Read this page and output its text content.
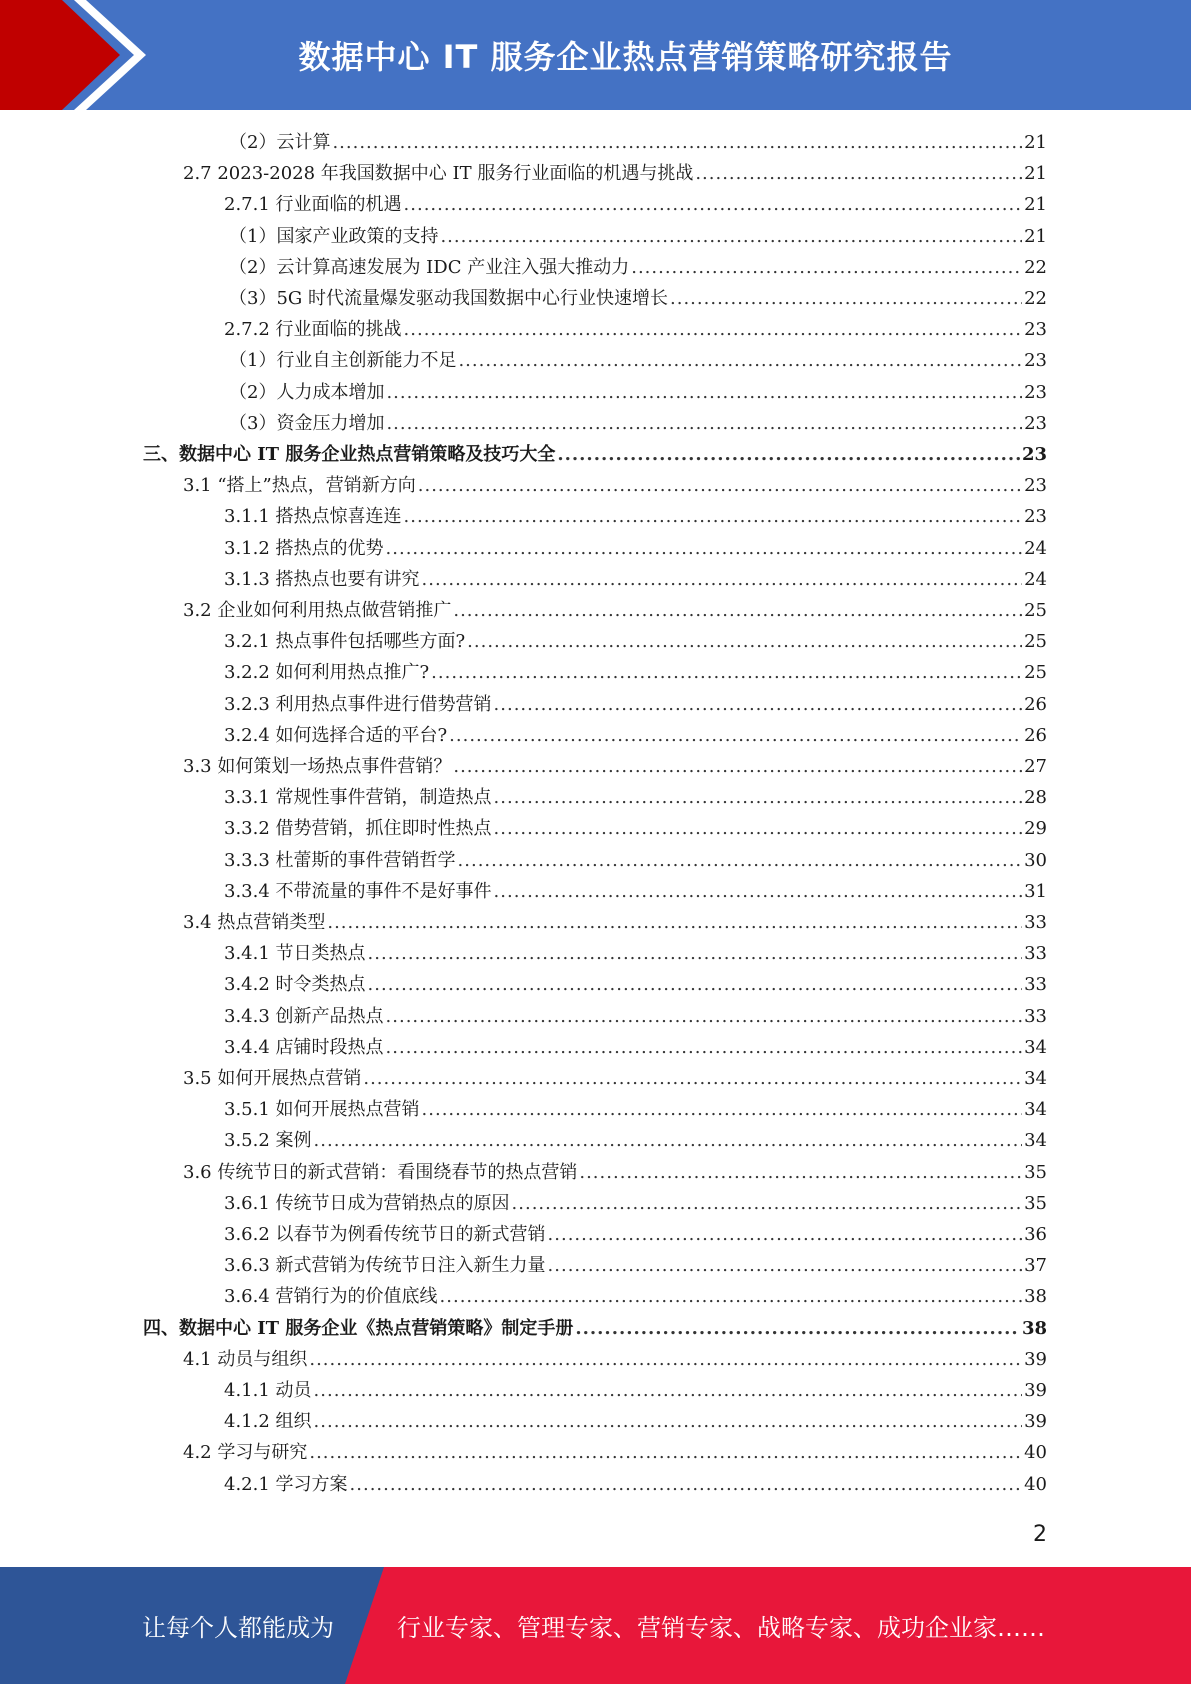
数据中心 IT 服务企业热点营销策略研究报告
（2）云计算 .....	21
2.7 2023-2028 年我国数据中心 IT 服务行业面临的机遇与挑战 .....	21
2.7.1 行业面临的机遇 .....	21
（1）国家产业政策的支持 .....	21
（2）云计算高速发展为 IDC 产业注入强大推动力 .....	22
（3）5G 时代流量爆发驱动我国数据中心行业快速增长 .....	22
2.7.2 行业面临的挑战 .....	23
（1）行业自主创新能力不足 .....	23
（2）人力成本增加 .....	23
（3）资金压力增加 .....	23
三、数据中心 IT 服务企业热点营销策略及技巧大全 .....	23
3.1 “搭上”热点，营销新方向 .....	23
3.1.1 搭热点惊喜连连 .....	23
3.1.2 搭热点的优势 .....	24
3.1.3 搭热点也要有讲究 .....	24
3.2 企业如何利用热点做营销推广 .....	25
3.2.1 热点事件包括哪些方面? .....	25
3.2.2 如何利用热点推广? .....	25
3.2.3 利用热点事件进行借势营销 .....	26
3.2.4 如何选择合适的平台? .....	26
3.3 如何策划一场热点事件营销？ .....	27
3.3.1 常规性事件营销，制造热点 .....	28
3.3.2 借势营销，抓住即时性热点 .....	29
3.3.3 杜蕾斯的事件营销哲学 .....	30
3.3.4 不带流量的事件不是好事件 .....	31
3.4 热点营销类型 .....	33
3.4.1 节日类热点 .....	33
3.4.2 时令类热点 .....	33
3.4.3 创新产品热点 .....	33
3.4.4 店铺时段热点 .....	34
3.5 如何开展热点营销 .....	34
3.5.1 如何开展热点营销 .....	34
3.5.2 案例 .....	34
3.6 传统节日的新式营销：看围绕春节的热点营销 .....	35
3.6.1 传统节日成为营销热点的原因 .....	35
3.6.2 以春节为例看传统节日的新式营销 .....	36
3.6.3 新式营销为传统节日注入新生力量 .....	37
3.6.4 营销行为的价值底线 .....	38
四、数据中心 IT 服务企业《热点营销策略》制定手册 .....	38
4.1 动员与组织 .....	39
4.1.1 动员 .....	39
4.1.2 组织 .....	39
4.2 学习与研究 .....	40
4.2.1 学习方案 .....	40
2
让每个人都能成为	行业专家、管理专家、营销专家、战略专家、成功企业家……
